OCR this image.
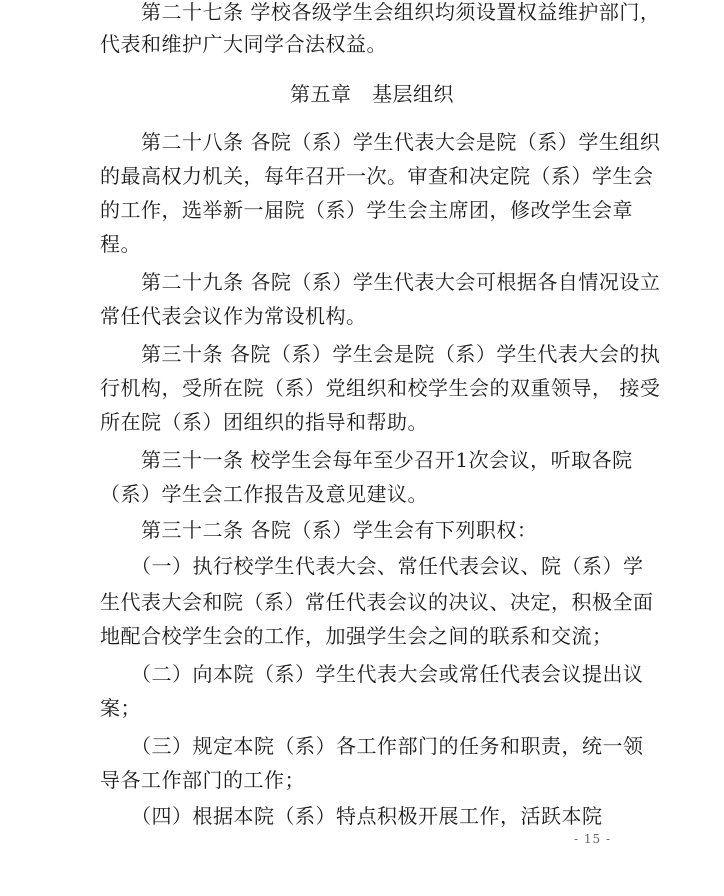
　　第二十七条 学校各级学生会组织均须设置权益维护部门，
代表和维护广大同学合法权益。
第五章　基层组织
　　第二十八条 各院（系）学生代表大会是院（系）学生组织
的最高权力机关，每年召开一次。审查和决定院（系）学生会
的工作，选举新一届院（系）学生会主席团，修改学生会章
程。
　　第二十九条 各院（系）学生代表大会可根据各自情况设立
常任代表会议作为常设机构。
　　第三十条 各院（系）学生会是院（系）学生代表大会的执
行机构，受所在院（系）党组织和校学生会的双重领导， 接受
所在院（系）团组织的指导和帮助。
　　第三十一条 校学生会每年至少召开1次会议，听取各院
（系）学生会工作报告及意见建议。
　　第三十二条 各院（系）学生会有下列职权：
　　（一）执行校学生代表大会、常任代表会议、院（系）学
生代表大会和院（系）常任代表会议的决议、决定，积极全面
地配合校学生会的工作，加强学生会之间的联系和交流；
　　（二）向本院（系）学生代表大会或常任代表会议提出议
案；
　　（三）规定本院（系）各工作部门的任务和职责，统一领
导各工作部门的工作；
　　（四）根据本院（系）特点积极开展工作，活跃本院
- 15 -
